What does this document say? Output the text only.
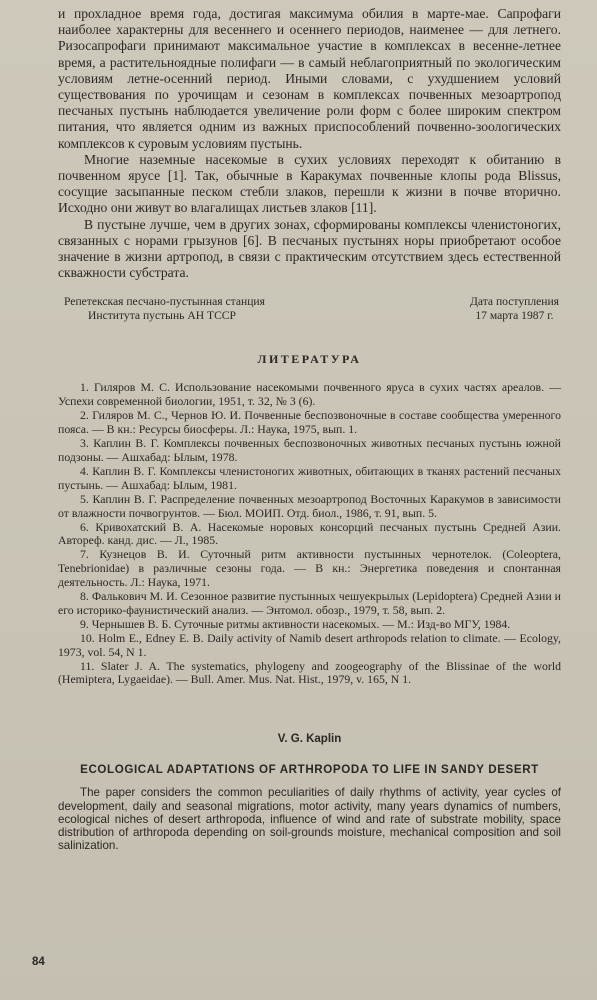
и прохладное время года, достигая максимума обилия в марте-мае. Сапрофаги наиболее характерны для весеннего и осеннего периодов, наименее — для летнего. Ризосапрофаги принимают максимальное участие в комплексах в весенне-летнее время, а растительноядные полифаги — в самый неблагоприятный по экологическим условиям летне-осенний период. Иными словами, с ухудшением условий существования по урочищам и сезонам в комплексах почвенных мезоартропод песчаных пустынь наблюдается увеличение роли форм с более широким спектром питания, что является одним из важных приспособлений почвенно-зоологических комплексов к суровым условиям пустынь.

Многие наземные насекомые в сухих условиях переходят к обитанию в почвенном ярусе [1]. Так, обычные в Каракумах почвенные клопы рода Blissus, сосущие засыпанные песком стебли злаков, перешли к жизни в почве вторично. Исходно они живут во влагалищах листьев злаков [11].

В пустыне лучше, чем в других зонах, сформированы комплексы членистоногих, связанных с норами грызунов [6]. В песчаных пустынях норы приобретают особое значение в жизни артропод, в связи с практическим отсутствием здесь естественной скважности субстрата.

Репетекская песчано-пустынная станция
Института пустынь АН ТССР
Дата поступления
17 марта 1987 г.
ЛИТЕРАТУРА

1. Гиляров М. С. Использование насекомыми почвенного яруса в сухих частях ареалов. — Успехи современной биологии, 1951, т. 32, № 3 (6).

2. Гиляров М. С., Чернов Ю. И. Почвенные беспозвоночные в составе сообщества умеренного пояса. — В кн.: Ресурсы биосферы. Л.: Наука, 1975, вып. 1.

3. Каплин В. Г. Комплексы почвенных беспозвоночных животных песчаных пустынь южной подзоны. — Ашхабад: Ылым, 1978.

4. Каплин В. Г. Комплексы членистоногих животных, обитающих в тканях растений песчаных пустынь. — Ашхабад: Ылым, 1981.

5. Каплин В. Г. Распределение почвенных мезоартропод Восточных Каракумов в зависимости от влажности почвогрунтов. — Бюл. МОИП. Отд. биол., 1986, т. 91, вып. 5.

6. Кривохатский В. А. Насекомые норовых консорций песчаных пустынь Средней Азии. Автореф. канд. дис. — Л., 1985.

7. Кузнецов В. И. Суточный ритм активности пустынных чернотелок. (Coleoptera, Tenebrionidae) в различные сезоны года. — В кн.: Энергетика поведения и спонтанная деятельность. Л.: Наука, 1971.

8. Фалькович М. И. Сезонное развитие пустынных чешуекрылых (Lepidoptera) Средней Азии и его историко-фаунистический анализ. — Энтомол. обозр., 1979, т. 58, вып. 2.

9. Чернышев В. Б. Суточные ритмы активности насекомых. — М.: Изд-во МГУ, 1984.

10. Holm E., Edney E. B. Daily activity of Namib desert arthropods relation to climate. — Ecology, 1973, vol. 54, N 1.

11. Slater J. A. The systematics, phylogeny and zoogeography of the Blissinae of the world (Hemiptera, Lygaeidae). — Bull. Amer. Mus. Nat. Hist., 1979, v. 165, N 1.

V. G. Kaplin
ECOLOGICAL ADAPTATIONS OF ARTHROPODA TO LIFE IN SANDY DESERT

The paper considers the common peculiarities of daily rhythms of activity, year cycles of development, daily and seasonal migrations, motor activity, many years dynamics of numbers, ecological niches of desert arthropoda, influence of wind and rate of substrate mobility, space distribution of arthropoda depending on soil-grounds moisture, mechanical composition and soil salinization.

84
